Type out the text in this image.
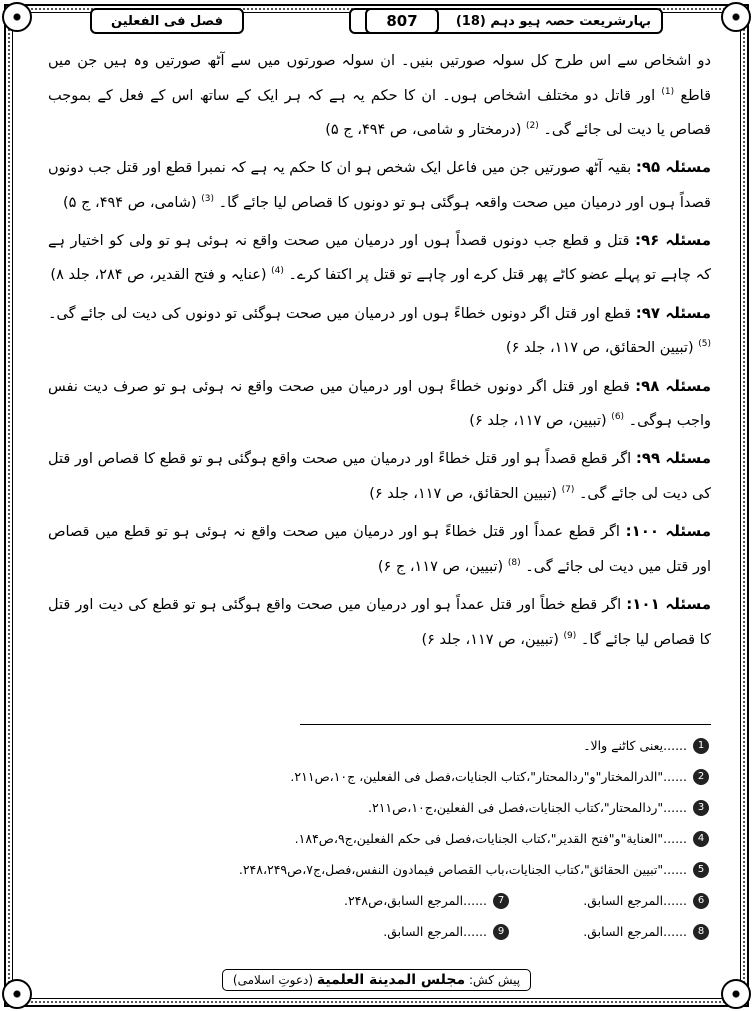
بہارشریعت حصہ ہیو دہم (18)
807
فصل فی الفعلین

دو اشخاص سے اس طرح کل سولہ صورتیں بنیں۔ ان سولہ صورتوں میں سے آٹھ صورتیں وہ ہیں جن میں قاطع $^{(1)}$ اور قاتل دو مختلف اشخاص ہوں۔ ان کا حکم یہ ہے کہ ہر ایک کے ساتھ اس کے فعل کے بموجب قصاص یا دیت لی جائے گی۔ $^{(2)}$ (درمختار و شامی، ص ۴۹۴، ج ۵)

مسئلہ ۹۵: بقیہ آٹھ صورتیں جن میں فاعل ایک شخص ہو ان کا حکم یہ ہے کہ نمبرا قطع اور قتل جب دونوں قصداً ہوں اور درمیان میں صحت واقعہ ہوگئی ہو تو دونوں کا قصاص لیا جائے گا۔ $^{(3)}$ (شامی، ص ۴۹۴، ج ۵)

مسئلہ ۹۶: قتل و قطع جب دونوں قصداً ہوں اور درمیان میں صحت واقع نہ ہوئی ہو تو ولی کو اختیار ہے کہ چاہے تو پہلے عضو کاٹے پھر قتل کرے اور چاہے تو قتل پر اکتفا کرے۔ $^{(4)}$ (عنایہ و فتح القدیر، ص ۲۸۴، جلد ۸)

مسئلہ ۹۷: قطع اور قتل اگر دونوں خطاءً ہوں اور درمیان میں صحت ہوگئی تو دونوں کی دیت لی جائے گی۔ $^{(5)}$ (تبیین الحقائق، ص ۱۱۷، جلد ۶)

مسئلہ ۹۸: قطع اور قتل اگر دونوں خطاءً ہوں اور درمیان میں صحت واقع نہ ہوئی ہو تو صرف دیت نفس واجب ہوگی۔ $^{(6)}$ (تبیین، ص ۱۱۷، جلد ۶)

مسئلہ ۹۹: اگر قطع قصداً ہو اور قتل خطاءً اور درمیان میں صحت واقع ہوگئی ہو تو قطع کا قصاص اور قتل کی دیت لی جائے گی۔ $^{(7)}$ (تبیین الحقائق، ص ۱۱۷، جلد ۶)

مسئلہ ۱۰۰: اگر قطع عمداً اور قتل خطاءً ہو اور درمیان میں صحت واقع نہ ہوئی ہو تو قطع میں قصاص اور قتل میں دیت لی جائے گی۔ $^{(8)}$ (تبیین، ص ۱۱۷، ج ۶)

مسئلہ ۱۰۱: اگر قطع خطاً اور قتل عمداً ہو اور درمیان میں صحت واقع ہوگئی ہو تو قطع کی دیت اور قتل کا قصاص لیا جائے گا۔ $^{(9)}$ (تبیین، ص ۱۱۷، جلد ۶)

1
......یعنی کاٹنے والا۔
2
......"الدرالمختار"و"ردالمحتار"،کتاب الجنایات،فصل فی الفعلین، ج۱۰،ص۲۱۱.
3
......"ردالمحتار"،کتاب الجنایات،فصل فی الفعلین،ج۱۰،ص۲۱۱.
4
......"العنایة"و"فتح القدیر"،کتاب الجنایات،فصل فی حکم الفعلین،ج۹،ص۱۸۴.
5
......"تبیین الحقائق"،کتاب الجنایات،باب القصاص فیمادون النفس،فصل،ج۷،ص۲۴۸،۲۴۹.
6
......المرجع السابق.
7
......المرجع السابق،ص۲۴۸.
8
......المرجع السابق.
9
......المرجع السابق.
پیش کش: مجلس المدینة العلمیة (دعوتِ اسلامی)
